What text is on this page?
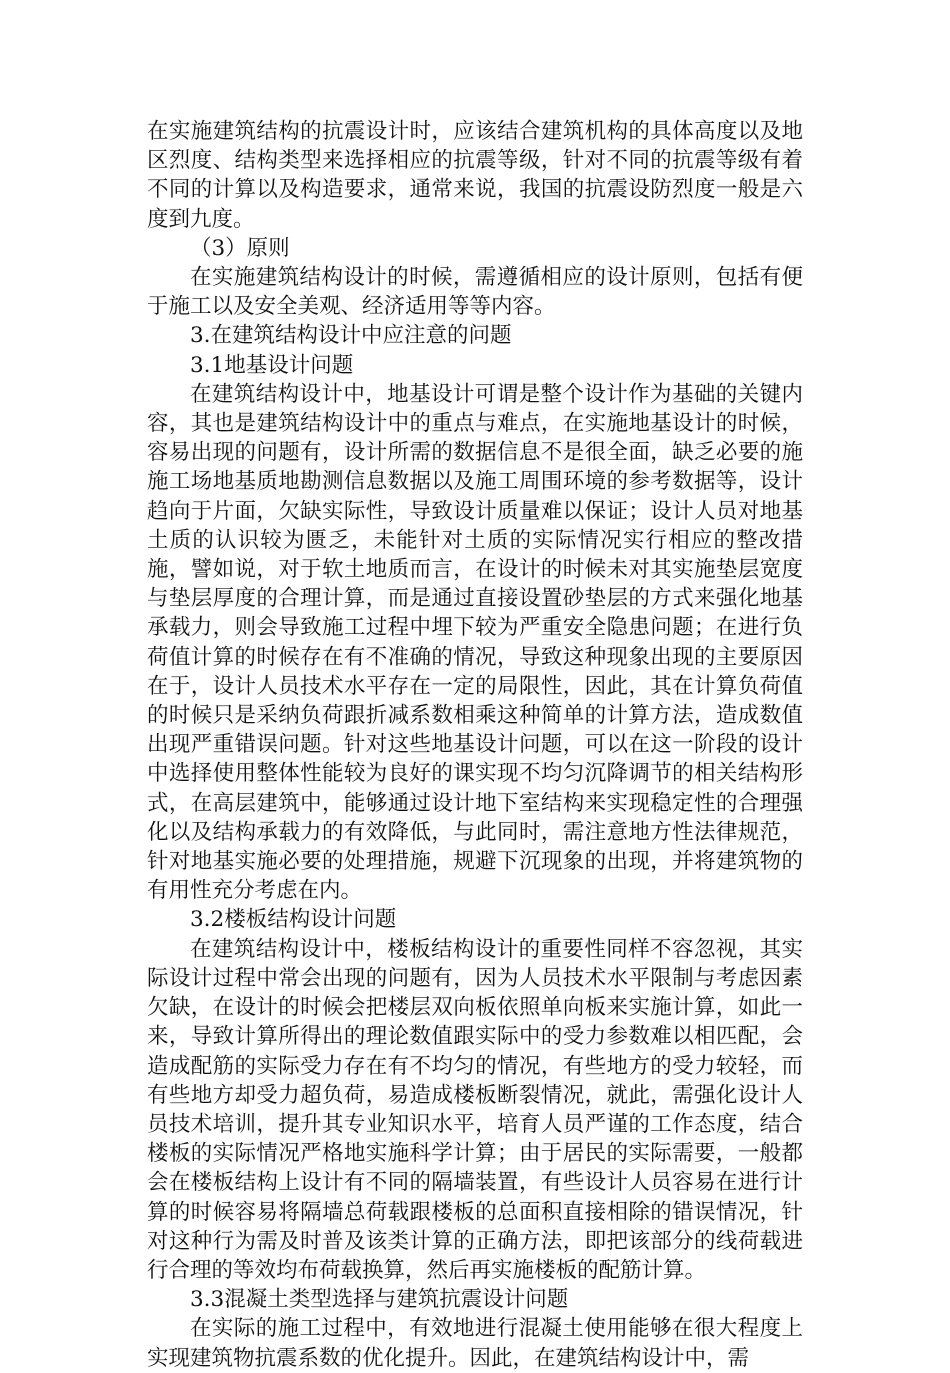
在实施建筑结构的抗震设计时，应该结合建筑机构的具体高度以及地区烈度、结构类型来选择相应的抗震等级，针对不同的抗震等级有着不同的计算以及构造要求，通常来说，我国的抗震设防烈度一般是六度到九度。

（3）原则

在实施建筑结构设计的时候，需遵循相应的设计原则，包括有便于施工以及安全美观、经济适用等等内容。

3.在建筑结构设计中应注意的问题

3.1地基设计问题

在建筑结构设计中，地基设计可谓是整个设计作为基础的关键内容，其也是建筑结构设计中的重点与难点，在实施地基设计的时候，容易出现的问题有，设计所需的数据信息不是很全面，缺乏必要的施施工场地基质地勘测信息数据以及施工周围环境的参考数据等，设计趋向于片面，欠缺实际性，导致设计质量难以保证；设计人员对地基土质的认识较为匮乏，未能针对土质的实际情况实行相应的整改措施，譬如说，对于软土地质而言，在设计的时候未对其实施垫层宽度与垫层厚度的合理计算，而是通过直接设置砂垫层的方式来强化地基承载力，则会导致施工过程中埋下较为严重安全隐患问题；在进行负荷值计算的时候存在有不准确的情况，导致这种现象出现的主要原因在于，设计人员技术水平存在一定的局限性，因此，其在计算负荷值的时候只是采纳负荷跟折减系数相乘这种简单的计算方法，造成数值出现严重错误问题。针对这些地基设计问题，可以在这一阶段的设计中选择使用整体性能较为良好的课实现不均匀沉降调节的相关结构形式，在高层建筑中，能够通过设计地下室结构来实现稳定性的合理强化以及结构承载力的有效降低，与此同时，需注意地方性法律规范，针对地基实施必要的处理措施，规避下沉现象的出现，并将建筑物的有用性充分考虑在内。

3.2楼板结构设计问题

在建筑结构设计中，楼板结构设计的重要性同样不容忽视，其实际设计过程中常会出现的问题有，因为人员技术水平限制与考虑因素欠缺，在设计的时候会把楼层双向板依照单向板来实施计算，如此一来，导致计算所得出的理论数值跟实际中的受力参数难以相匹配，会造成配筋的实际受力存在有不均匀的情况，有些地方的受力较轻，而有些地方却受力超负荷，易造成楼板断裂情况，就此，需强化设计人员技术培训，提升其专业知识水平，培育人员严谨的工作态度，结合楼板的实际情况严格地实施科学计算；由于居民的实际需要，一般都会在楼板结构上设计有不同的隔墙装置，有些设计人员容易在进行计算的时候容易将隔墙总荷载跟楼板的总面积直接相除的错误情况，针对这种行为需及时普及该类计算的正确方法，即把该部分的线荷载进行合理的等效均布荷载换算，然后再实施楼板的配筋计算。

3.3混凝土类型选择与建筑抗震设计问题

在实际的施工过程中，有效地进行混凝土使用能够在很大程度上实现建筑物抗震系数的优化提升。因此，在建筑结构设计中，需
